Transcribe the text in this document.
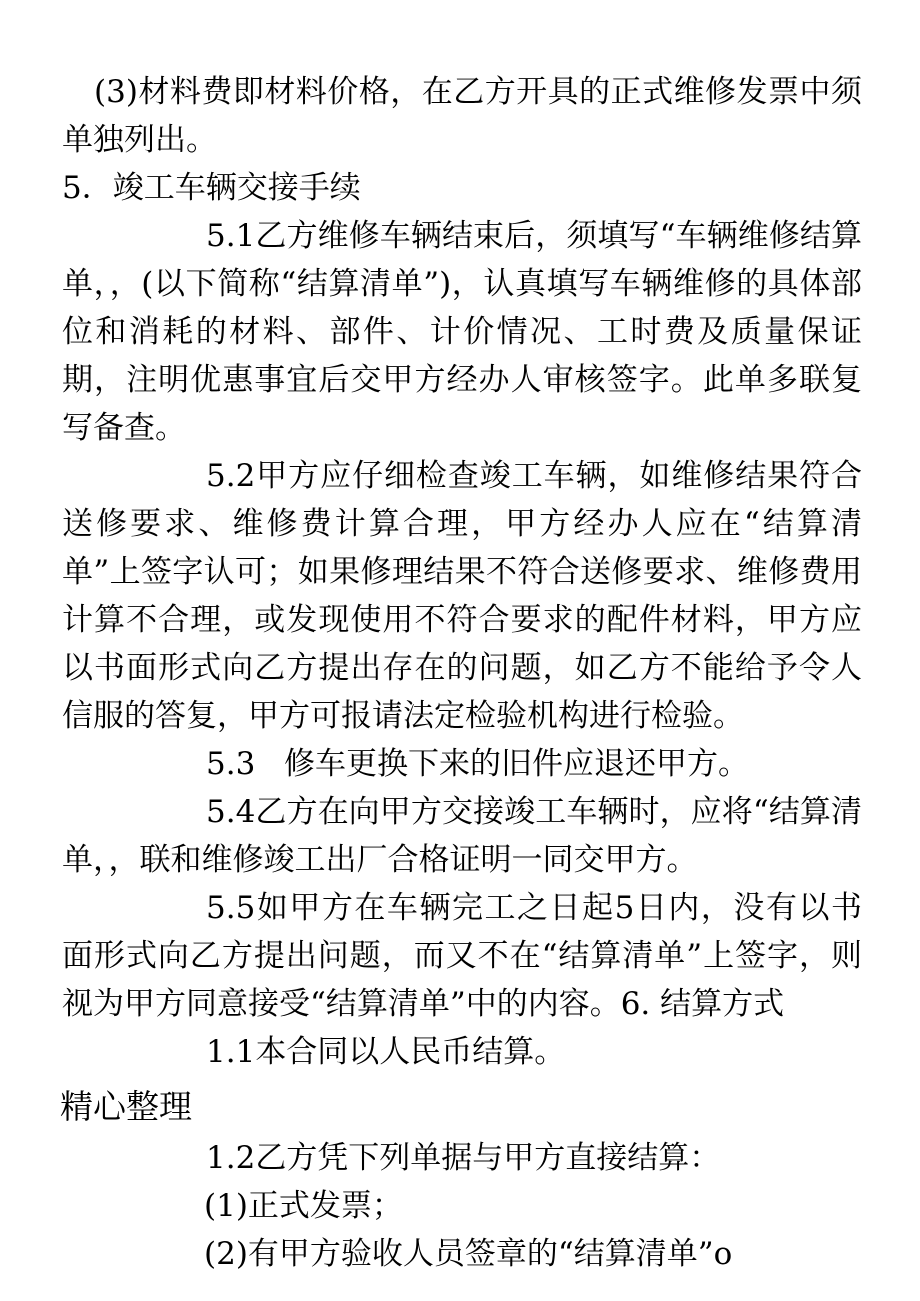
(3)材料费即材料价格，在乙方开具的正式维修发票中须单独列出。

5．竣工车辆交接手续

5.1乙方维修车辆结束后，须填写“车辆维修结算单，，(以下简称“结算清单”)，认真填写车辆维修的具体部位和消耗的材料、部件、计价情况、工时费及质量保证期，注明优惠事宜后交甲方经办人审核签字。此单多联复写备查。

5.2甲方应仔细检查竣工车辆，如维修结果符合送修要求、维修费计算合理，甲方经办人应在“结算清单”上签字认可；如果修理结果不符合送修要求、维修费用计算不合理，或发现使用不符合要求的配件材料，甲方应以书面形式向乙方提出存在的问题，如乙方不能给予令人信服的答复，甲方可报请法定检验机构进行检验。

5.3 修车更换下来的旧件应退还甲方。

5.4乙方在向甲方交接竣工车辆时，应将“结算清单，，联和维修竣工出厂合格证明一同交甲方。

5.5如甲方在车辆完工之日起5日内，没有以书面形式向乙方提出问题，而又不在“结算清单”上签字，则视为甲方同意接受“结算清单”中的内容。6. 结算方式

1.1本合同以人民币结算。

精心整理

1.2乙方凭下列单据与甲方直接结算：

(1)正式发票；

(2)有甲方验收人员签章的“结算清单”o
